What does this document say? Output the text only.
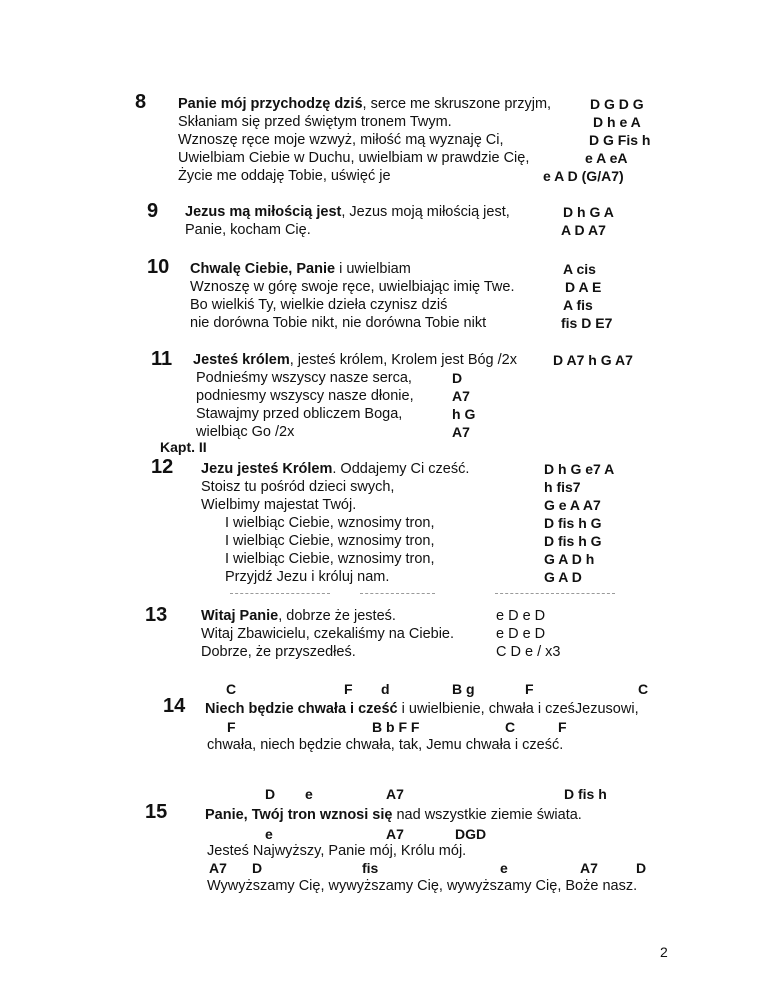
8 Panie mój przychodzę dziś, serce me skruszone przyjm,	D G D G
Skłaniam się przed świętym tronem Twym.	D h e A
Wznoszę ręce moje wzwyż, miłość mą wyznaję Ci,	D G Fis h
Uwielbiam Ciebie w Duchu, uwielbiam w prawdzie Cię,	e A eA
Życie me oddaję Tobie, uświęć je	e A D (G/A7)
9 Jezus mą miłością jest, Jezus moją miłością jest,	D h G A
Panie, kocham Cię.	A D A7
10 Chwalę Ciebie, Panie i uwielbiam	A cis
Wznoszę w górę swoje ręce, uwielbiając imię Twe.	D A E
Bo wielkiś Ty, wielkie dzieła czynisz dziś	A fis
nie dorówna Tobie nikt, nie dorówna Tobie nikt	fis D E7
11 Jesteś królem, jesteś królem, Krolem jest Bóg /2x	D A7 h G A7
Podnieśmy wszyscy nasze serca,	D
podniesmy wszyscy nasze dłonie,	A7
Stawajmy przed obliczem Boga,	h G
wielbiąc Go /2x	A7
Kapt. II
12 Jezu jesteś Królem. Oddajemy Ci cześć.	D h G e7 A
Stoisz tu pośród dzieci swych,	h fis7
Wielbimy majestat Twój.	G e A A7
I wielbiąc Ciebie, wznosimy tron,	D fis h G
I wielbiąc Ciebie, wznosimy tron,	D fis h G
I wielbiąc Ciebie, wznosimy tron,	G A D h
Przyjdź Jezu i króluj nam.	G A D
13 Witaj Panie, dobrze że jesteś.	e D e D
Witaj Zbawicielu, czekaliśmy na Ciebie.	e D e D
Dobrze, że przyszedłeś.	C D e / x3
C	F d	B g	F	C
14 Niech będzie chwała i cześć i uwielbienie, chwała i cześJezusowi,
F	B b F F	C	F
chwała, niech będzie chwała, tak, Jemu chwała i cześć.
D e	A7	D fis h
15	Panie, Twój tron wznosi się nad wszystkie ziemie świata.
e	A7	DGD
Jesteś Najwyższy, Panie mój, Królu mój.
A7 D	fis	e	A7	D
Wywyższamy Cię, wywyższamy Cię, wywyższamy Cię, Boże nasz.
2
